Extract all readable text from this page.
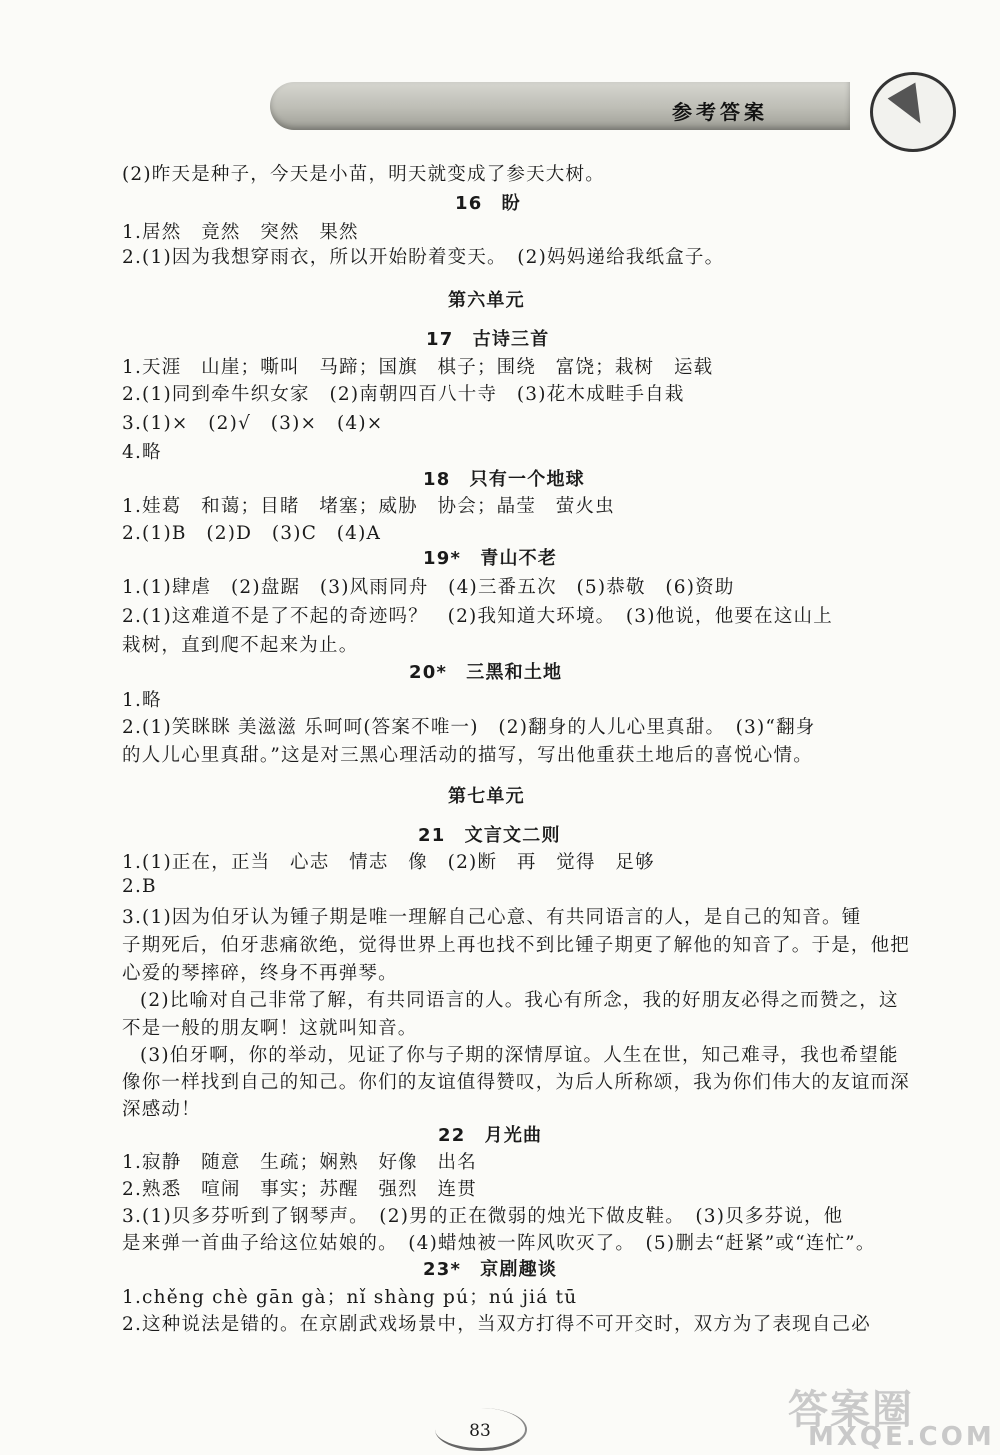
参考答案
(2)昨天是种子，今天是小苗，明天就变成了参天大树。
16　盼
1.居然　竟然　突然　果然
2.(1)因为我想穿雨衣，所以开始盼着变天。　(2)妈妈递给我纸盒子。
第六单元
17　古诗三首
1.天涯　山崖；嘶叫　马蹄；国旗　棋子；围绕　富饶；栽树　运载
2.(1)同到牵牛织女家　(2)南朝四百八十寺　(3)花木成畦手自栽
3.(1)×　(2)√　(3)×　(4)×
4.略
18　只有一个地球
1.娃葛　和蔼；目睹　堵塞；威胁　协会；晶莹　萤火虫
2.(1)B　(2)D　(3)C　(4)A
19*　青山不老
1.(1)肆虐　(2)盘踞　(3)风雨同舟　(4)三番五次　(5)恭敬　(6)资助
2.(1)这难道不是了不起的奇迹吗？　(2)我知道大环境。　(3)他说，他要在这山上
栽树，直到爬不起来为止。
20*　三黑和土地
1.略
2.(1)笑眯眯 美滋滋 乐呵呵(答案不唯一)　(2)翻身的人儿心里真甜。　(3)“翻身
的人儿心里真甜。”这是对三黑心理活动的描写，写出他重获土地后的喜悦心情。
第七单元
21　文言文二则
1.(1)正在，正当　心志　情志　像　(2)断　再　觉得　足够
2.B
3.(1)因为伯牙认为锺子期是唯一理解自己心意、有共同语言的人，是自己的知音。锺
子期死后，伯牙悲痛欲绝，觉得世界上再也找不到比锺子期更了解他的知音了。于是，他把
心爱的琴摔碎，终身不再弹琴。
(2)比喻对自己非常了解，有共同语言的人。我心有所念，我的好朋友必得之而赞之，这
不是一般的朋友啊！这就叫知音。
(3)伯牙啊，你的举动，见证了你与子期的深情厚谊。人生在世，知己难寻，我也希望能
像你一样找到自己的知己。你们的友谊值得赞叹，为后人所称颂，我为你们伟大的友谊而深
深感动！
22　月光曲
1.寂静　随意　生疏；娴熟　好像　出名
2.熟悉　喧闹　事实；苏醒　强烈　连贯
3.(1)贝多芬听到了钢琴声。　(2)男的正在微弱的烛光下做皮鞋。　(3)贝多芬说，他
是来弹一首曲子给这位姑娘的。　(4)蜡烛被一阵风吹灭了。　(5)删去“赶紧”或“连忙”。
23*　京剧趣谈
1.chěng chè gān gà；nǐ shàng pú；nú jiá tū
2.这种说法是错的。在京剧武戏场景中，当双方打得不可开交时，双方为了表现自己必
83	答案圈
MXQE.COM
